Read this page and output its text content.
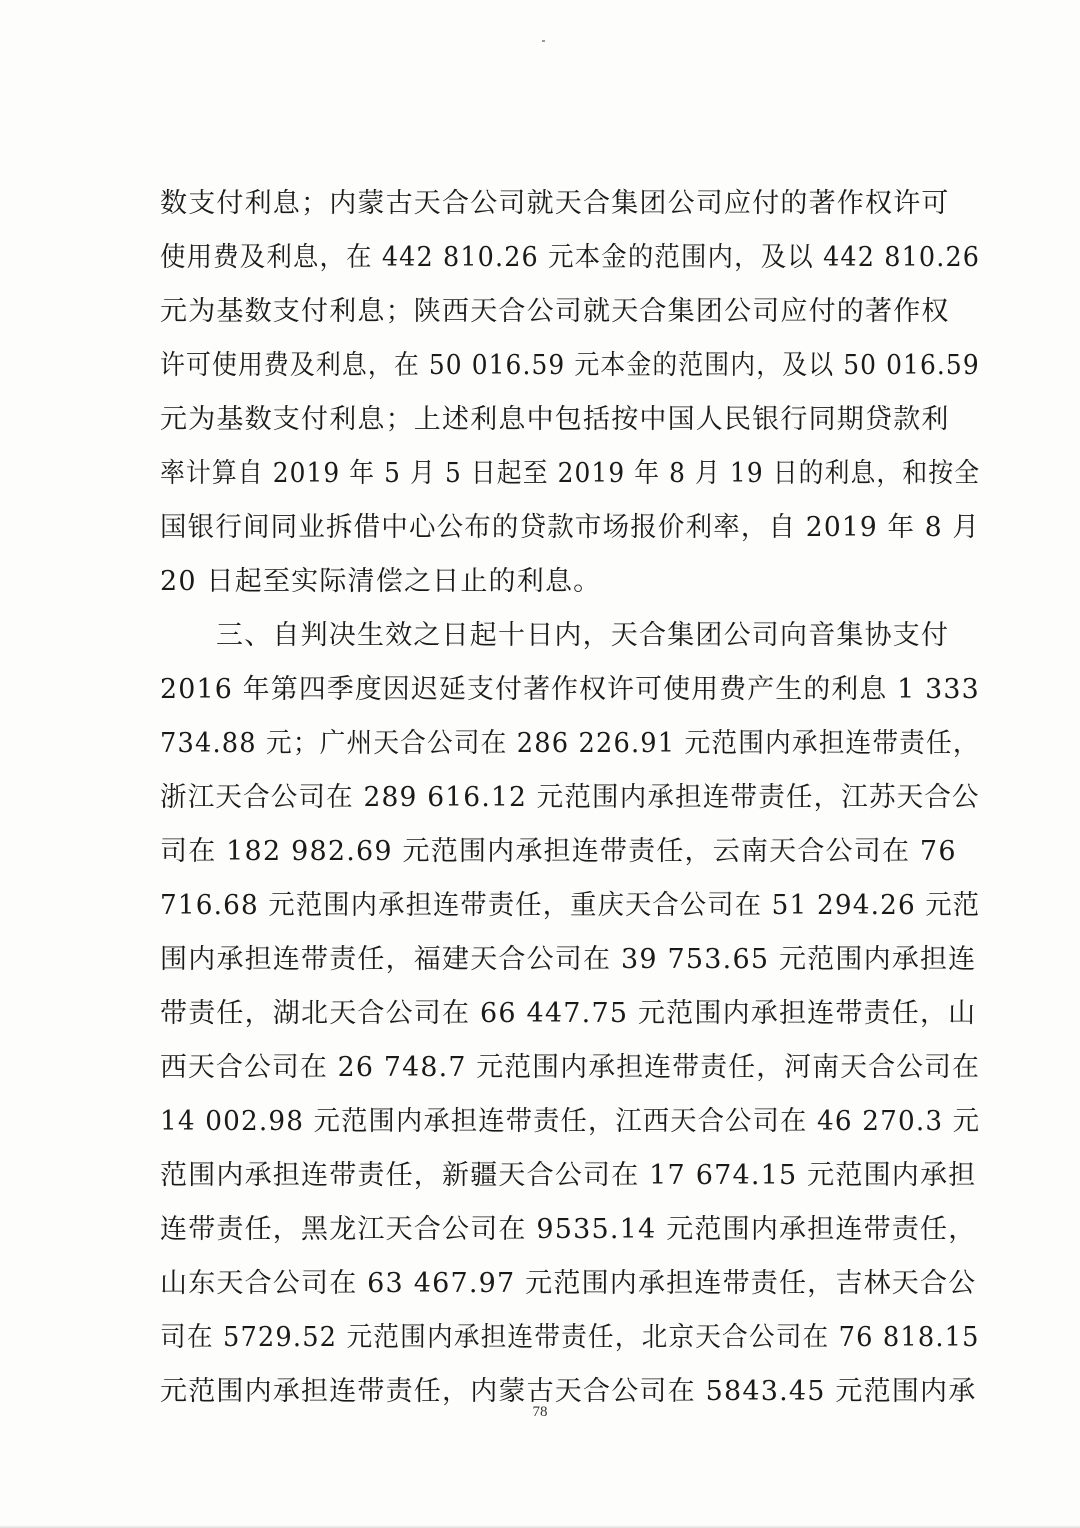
数支付利息；内蒙古天合公司就天合集团公司应付的著作权许可
使用费及利息，在 442 810.26 元本金的范围内，及以 442 810.26
元为基数支付利息；陕西天合公司就天合集团公司应付的著作权
许可使用费及利息，在 50 016.59 元本金的范围内，及以 50 016.59
元为基数支付利息；上述利息中包括按中国人民银行同期贷款利
率计算自 2019 年 5 月 5 日起至 2019 年 8 月 19 日的利息，和按全
国银行间同业拆借中心公布的贷款市场报价利率，自 2019 年 8 月
20 日起至实际清偿之日止的利息。
三、自判决生效之日起十日内，天合集团公司向音集协支付
2016 年第四季度因迟延支付著作权许可使用费产生的利息 1 333
734.88 元；广州天合公司在 286 226.91 元范围内承担连带责任，
浙江天合公司在 289 616.12 元范围内承担连带责任，江苏天合公
司在 182 982.69 元范围内承担连带责任，云南天合公司在 76
716.68 元范围内承担连带责任，重庆天合公司在 51 294.26 元范
围内承担连带责任，福建天合公司在 39 753.65 元范围内承担连
带责任，湖北天合公司在 66 447.75 元范围内承担连带责任，山
西天合公司在 26 748.7 元范围内承担连带责任，河南天合公司在
14 002.98 元范围内承担连带责任，江西天合公司在 46 270.3 元
范围内承担连带责任，新疆天合公司在 17 674.15 元范围内承担
连带责任，黑龙江天合公司在 9535.14 元范围内承担连带责任，
山东天合公司在 63 467.97 元范围内承担连带责任，吉林天合公
司在 5729.52 元范围内承担连带责任，北京天合公司在 76 818.15
元范围内承担连带责任，内蒙古天合公司在 5843.45 元范围内承
78
